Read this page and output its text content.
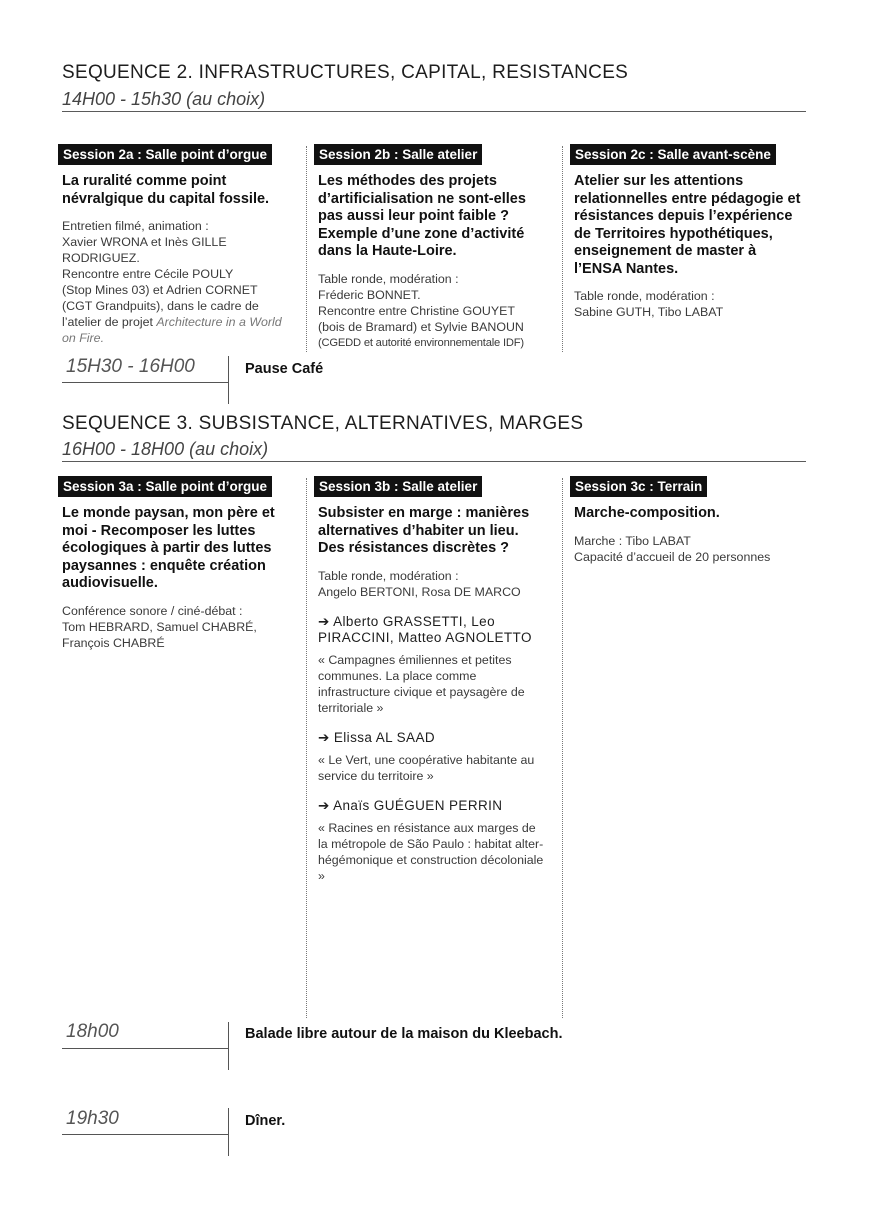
SEQUENCE 2. INFRASTRUCTURES, CAPITAL, RESISTANCES
14H00 - 15h30 (au choix)
Session 2a : Salle point d’orgue
La ruralité comme point névralgique du capital fossile.
Entretien filmé, animation :
Xavier WRONA et Inès GILLE
RODRIGUEZ.
Rencontre entre Cécile POULY
(Stop Mines 03) et Adrien CORNET
(CGT Grandpuits), dans le cadre de
l’atelier de projet Architecture in a World on Fire.
Session 2b : Salle atelier
Les méthodes des projets d’artificialisation ne sont-elles pas aussi leur point faible ? Exemple d’une zone d’activité dans la Haute-Loire.
Table ronde, modération :
Fréderic BONNET.
Rencontre entre Christine GOUYET
(bois de Bramard) et Sylvie BANOUN
(CGEDD et autorité environnementale IDF)
Session 2c : Salle avant-scène
Atelier sur les attentions relationnelles entre pédagogie et résistances depuis l’expérience de Territoires hypothétiques, enseignement de master à l’ENSA Nantes.
Table ronde, modération :
Sabine GUTH, Tibo LABAT
15H30 - 16H00	Pause Café
SEQUENCE 3. SUBSISTANCE, ALTERNATIVES, MARGES
16H00 - 18H00 (au choix)
Session 3a : Salle point d’orgue
Le monde paysan, mon père et moi - Recomposer les luttes écologiques à partir des luttes paysannes : enquête création audiovisuelle.
Conférence sonore / ciné-débat :
Tom HEBRARD, Samuel CHABRÉ,
François CHABRÉ
Session 3b : Salle atelier
Subsister en marge : manières alternatives d’habiter un lieu. Des résistances discrètes ?
Table ronde, modération :
Angelo BERTONI, Rosa DE MARCO
➔ Alberto GRASSETTI, Leo PIRACCINI, Matteo AGNOLETTO
« Campagnes émiliennes et petites communes. La place comme infrastructure civique et paysagère de territoriale »
➔ Elissa AL SAAD
« Le Vert, une coopérative habitante au service du territoire »
➔ Anaïs GUÉGUEN PERRIN
« Racines en résistance aux marges de la métropole de São Paulo : habitat alter-hégémonique et construction décoloniale »
Session 3c : Terrain
Marche-composition.
Marche : Tibo LABAT
Capacité d’accueil de 20 personnes
18h00	Balade libre autour de la maison du Kleebach.
19h30	Dîner.
